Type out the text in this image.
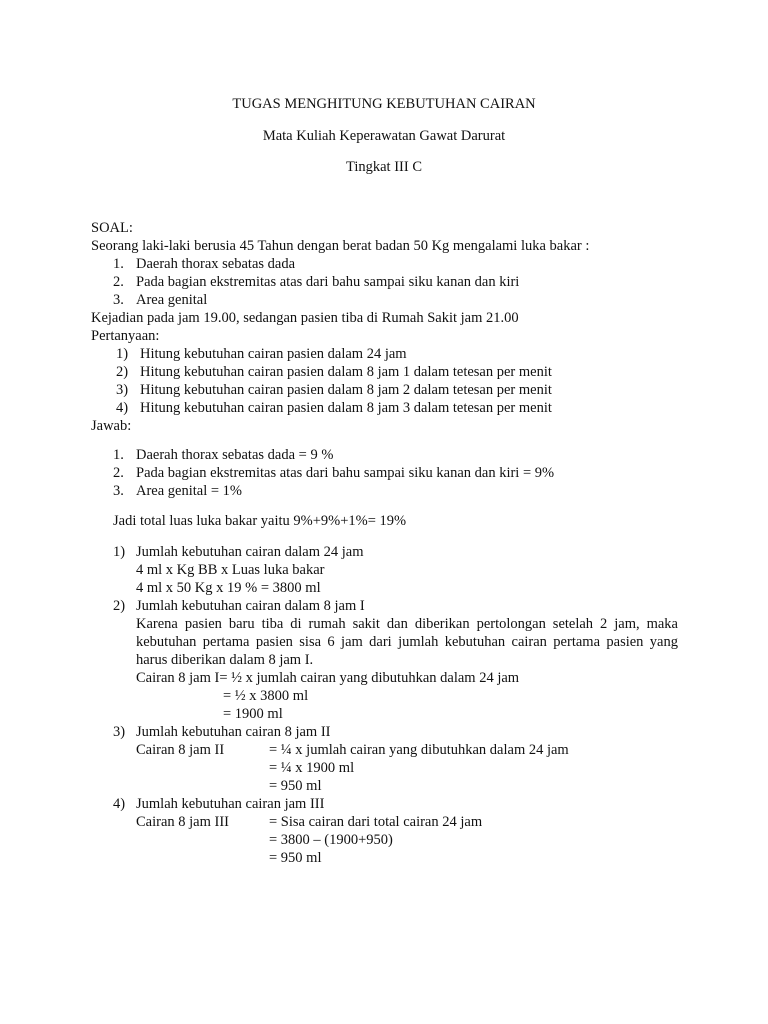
TUGAS MENGHITUNG KEBUTUHAN CAIRAN
Mata Kuliah Keperawatan Gawat Darurat
Tingkat III C
SOAL:
Seorang laki-laki berusia 45 Tahun dengan berat badan 50 Kg mengalami luka bakar :
1. Daerah thorax sebatas dada
2. Pada bagian ekstremitas atas dari bahu sampai siku kanan dan kiri
3. Area genital
Kejadian pada jam 19.00, sedangan pasien tiba di Rumah Sakit jam 21.00
Pertanyaan:
1) Hitung kebutuhan cairan pasien dalam 24 jam
2) Hitung kebutuhan cairan pasien dalam 8 jam 1 dalam tetesan per menit
3) Hitung kebutuhan cairan pasien dalam 8 jam 2 dalam tetesan per menit
4) Hitung kebutuhan cairan pasien dalam 8 jam 3 dalam tetesan per menit
Jawab:
1. Daerah thorax sebatas dada = 9 %
2. Pada bagian ekstremitas atas dari bahu sampai siku kanan dan kiri = 9%
3. Area genital = 1%
Jadi total luas luka bakar yaitu 9%+9%+1%= 19%
1) Jumlah kebutuhan cairan dalam 24 jam
4 ml x Kg BB x Luas luka bakar
4 ml x 50 Kg x 19 % = 3800 ml
2) Jumlah kebutuhan cairan dalam 8 jam I
Karena pasien baru tiba di rumah sakit dan diberikan pertolongan setelah 2 jam, maka
kebutuhan pertama pasien sisa 6 jam dari jumlah kebutuhan cairan pertama pasien yang
harus diberikan dalam 8 jam I.
Cairan 8 jam I= ½ x jumlah cairan yang dibutuhkan dalam 24 jam
= ½ x 3800 ml
= 1900 ml
3) Jumlah kebutuhan cairan 8 jam II
Cairan 8 jam II	= ¼ x jumlah cairan yang dibutuhkan dalam 24 jam
= ¼ x 1900 ml
= 950 ml
4) Jumlah kebutuhan cairan jam III
Cairan 8 jam III	= Sisa cairan dari total cairan 24 jam
= 3800 – (1900+950)
= 950 ml
